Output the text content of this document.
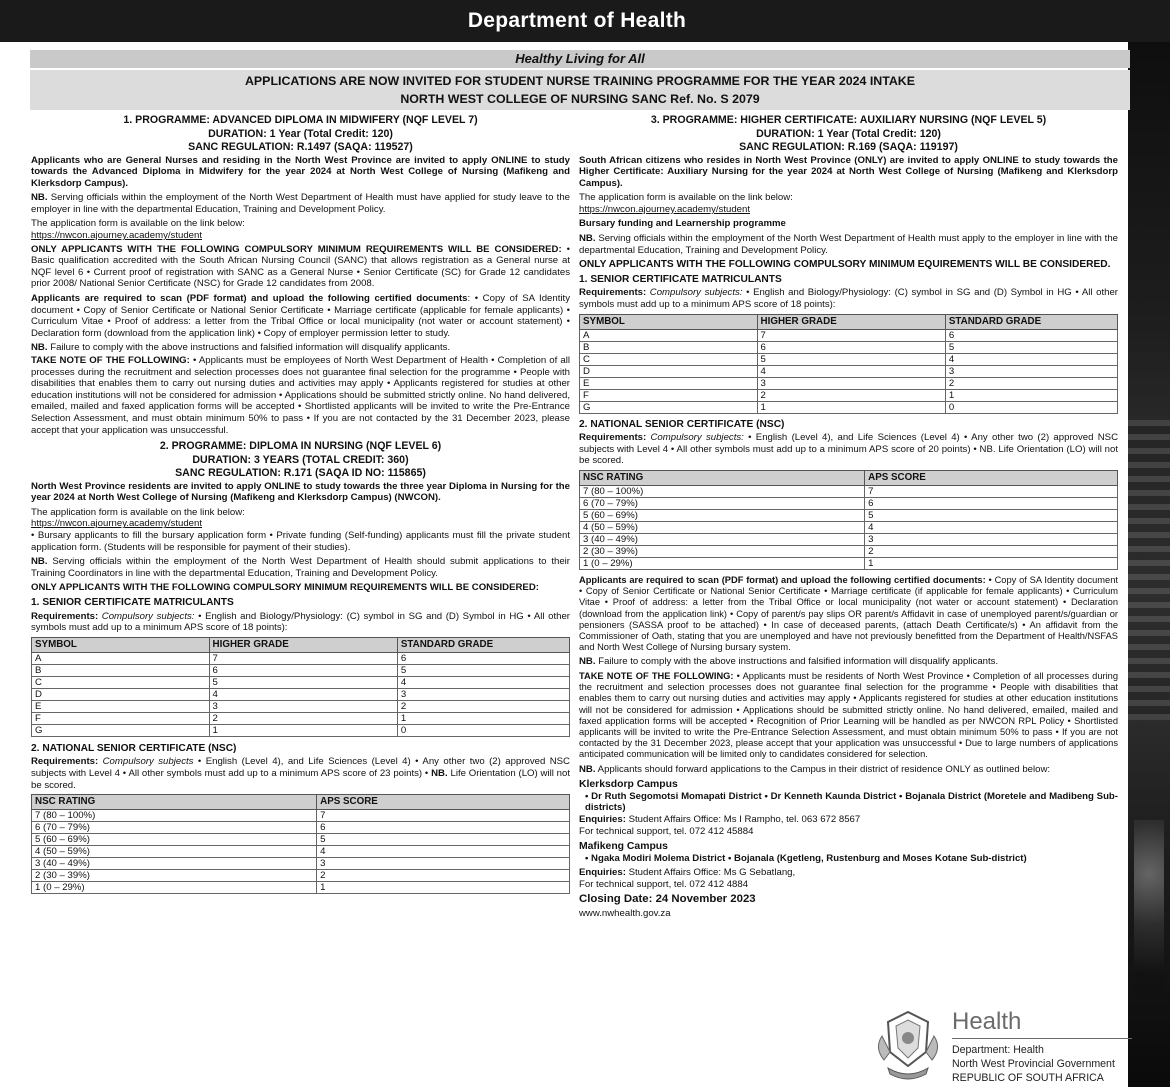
Department of Health
Healthy Living for All
APPLICATIONS ARE NOW INVITED FOR STUDENT NURSE TRAINING PROGRAMME FOR THE YEAR 2024 INTAKE
NORTH WEST COLLEGE OF NURSING SANC Ref. No. S 2079
1. PROGRAMME: ADVANCED DIPLOMA IN MIDWIFERY (NQF LEVEL 7)
DURATION: 1 Year (Total Credit: 120)
SANC REGULATION: R.1497 (SAQA: 119527)

Applicants who are General Nurses and residing in the North West Province are invited to apply ONLINE to study towards the Advanced Diploma in Midwifery for the year 2024 at North West College of Nursing (Mafikeng and Klerksdorp Campus).

NB. Serving officials within the employment of the North West Department of Health must have applied for study leave to the employer in line with the departmental Education, Training and Development Policy.

The application form is available on the link below:

https://nwcon.ajourney.academy/student

ONLY APPLICANTS WITH THE FOLLOWING COMPULSORY MINIMUM REQUIREMENTS WILL BE CONSIDERED: • Basic qualification accredited with the South African Nursing Council (SANC) that allows registration as a General nurse at NQF level 6 • Current proof of registration with SANC as a General Nurse • Senior Certificate (SC) for Grade 12 candidates prior 2008/ National Senior Certificate (NSC) for Grade 12 candidates from 2008.

Applicants are required to scan (PDF format) and upload the following certified documents: • Copy of SA Identity document • Copy of Senior Certificate or National Senior Certificate • Marriage certificate (applicable for female applicants) • Curriculum Vitae • Proof of address: a letter from the Tribal Office or local municipality (not water or account statement) • Declaration form (download from the application link) • Copy of employer permission letter to study.

NB. Failure to comply with the above instructions and falsified information will disqualify applicants.

TAKE NOTE OF THE FOLLOWING: • Applicants must be employees of North West Department of Health • Completion of all processes during the recruitment and selection processes does not guarantee final selection for the programme • People with disabilities that enables them to carry out nursing duties and activities may apply • Applicants registered for studies at other education institutions will not be considered for admission • Applications should be submitted strictly online. No hand delivered, emailed, mailed and faxed application forms will be accepted • Shortlisted applicants will be invited to write the Pre-Entrance Selection Assessment, and must obtain minimum 50% to pass • If you are not contacted by the 31 December 2023, please accept that your application was unsuccessful.

2. PROGRAMME: DIPLOMA IN NURSING (NQF LEVEL 6)
DURATION: 3 YEARS (TOTAL CREDIT: 360)
SANC REGULATION: R.171 (SAQA ID NO: 115865)

North West Province residents are invited to apply ONLINE to study towards the three year Diploma in Nursing for the year 2024 at North West College of Nursing (Mafikeng and Klerksdorp Campus) (NWCON).

The application form is available on the link below:

https://nwcon.ajourney.academy/student

• Bursary applicants to fill the bursary application form • Private funding (Self-funding) applicants must fill the private student application form. (Students will be responsible for payment of their studies).

NB. Serving officials within the employment of the North West Department of Health should submit applications to their Training Coordinators in line with the departmental Education, Training and Development Policy.

ONLY APPLICANTS WITH THE FOLLOWING COMPULSORY MINIMUM REQUIREMENTS WILL BE CONSIDERED:

1. SENIOR CERTIFICATE MATRICULANTS

Requirements: Compulsory subjects: • English and Biology/Physiology: (C) symbol in SG and (D) Symbol in HG • All other symbols must add up to a minimum APS score of 18 points):

SYMBOL	HIGHER GRADE	STANDARD GRADE
A	7	6
B	6	5
C	5	4
D	4	3
E	3	2
F	2	1
G	1	0
2. NATIONAL SENIOR CERTIFICATE (NSC)

Requirements: Compulsory subjects • English (Level 4), and Life Sciences (Level 4) • Any other two (2) approved NSC subjects with Level 4 • All other symbols must add up to a minimum APS score of 23 points) • NB. Life Orientation (LO) will not be scored.

NSC RATING	APS SCORE
7 (80 – 100%)	7
6 (70 – 79%)	6
5 (60 – 69%)	5
4 (50 – 59%)	4
3 (40 – 49%)	3
2 (30 – 39%)	2
1 (0 – 29%)	1
3. PROGRAMME: HIGHER CERTIFICATE: AUXILIARY NURSING (NQF LEVEL 5)
DURATION: 1 Year (Total Credit: 120)
SANC REGULATION: R.169 (SAQA: 119197)

South African citizens who resides in North West Province (ONLY) are invited to apply ONLINE to study towards the Higher Certificate: Auxiliary Nursing for the year 2024 at North West College of Nursing (Mafikeng and Klerksdorp Campus).

The application form is available on the link below:

https://nwcon.ajourney.academy/student

Bursary funding and Learnership programme

NB. Serving officials within the employment of the North West Department of Health must apply to the employer in line with the departmental Education, Training and Development Policy.

ONLY APPLICANTS WITH THE FOLLOWING COMPULSORY MINIMUM EQUIREMENTS WILL BE CONSIDERED.

1. SENIOR CERTIFICATE MATRICULANTS

Requirements: Compulsory subjects: • English and Biology/Physiology: (C) symbol in SG and (D) Symbol in HG • All other symbols must add up to a minimum APS score of 18 points):

SYMBOL	HIGHER GRADE	STANDARD GRADE
A	7	6
B	6	5
C	5	4
D	4	3
E	3	2
F	2	1
G	1	0
2. NATIONAL SENIOR CERTIFICATE (NSC)

Requirements: Compulsory subjects: • English (Level 4), and Life Sciences (Level 4) • Any other two (2) approved NSC subjects with Level 4 • All other symbols must add up to a minimum APS score of 20 points) • NB. Life Orientation (LO) will not be scored.

NSC RATING	APS SCORE
7 (80 – 100%)	7
6 (70 – 79%)	6
5 (60 – 69%)	5
4 (50 – 59%)	4
3 (40 – 49%)	3
2 (30 – 39%)	2
1 (0 – 29%)	1

Applicants are required to scan (PDF format) and upload the following certified documents: • Copy of SA Identity document • Copy of Senior Certificate or National Senior Certificate • Marriage certificate (if applicable for female applicants) • Curriculum Vitae • Proof of address: a letter from the Tribal Office or local municipality (not water or account statement) • Declaration (download from the application link) • Copy of parent/s pay slips OR parent/s Affidavit in case of unemployed parent/s/guardian or pensioners (SASSA proof to be attached) • In case of deceased parents, (attach Death Certificate/s) • An affidavit from the Commissioner of Oath, stating that you are unemployed and have not previously benefitted from the Department of Health/NSFAS and North West College of Nursing bursary system.

NB. Failure to comply with the above instructions and falsified information will disqualify applicants.

TAKE NOTE OF THE FOLLOWING: • Applicants must be residents of North West Province • Completion of all processes during the recruitment and selection processes does not guarantee final selection for the programme • People with disabilities that enables them to carry out nursing duties and activities may apply • Applicants registered for studies at other education institutions will not be considered for admission • Applications should be submitted strictly online. No hand delivered, emailed, mailed and faxed application forms will be accepted • Recognition of Prior Learning will be handled as per NWCON RPL Policy • Shortlisted applicants will be invited to write the Pre-Entrance Selection Assessment, and must obtain minimum 50% to pass • If you are not contacted by the 31 December 2023, please accept that your application was unsuccessful • Due to large numbers of applications anticipated communication will be limited only to candidates considered for selection.

NB. Applicants should forward applications to the Campus in their district of residence ONLY as outlined below:

Klerksdorp Campus

• Dr Ruth Segomotsi Momapati District • Dr Kenneth Kaunda District • Bojanala District (Moretele and Madibeng Sub-districts)

Enquiries: Student Affairs Office: Ms I Rampho, tel. 063 672 8567

For technical support, tel. 072 412 45884

Mafikeng Campus

• Ngaka Modiri Molema District • Bojanala (Kgetleng, Rustenburg and Moses Kotane Sub-district)

Enquiries: Student Affairs Office: Ms G Sebatlang,

For technical support, tel. 072 412 4884

Closing Date: 24 November 2023

www.nwhealth.gov.za

Health
Department: Health
North West Provincial Government
REPUBLIC OF SOUTH AFRICA
